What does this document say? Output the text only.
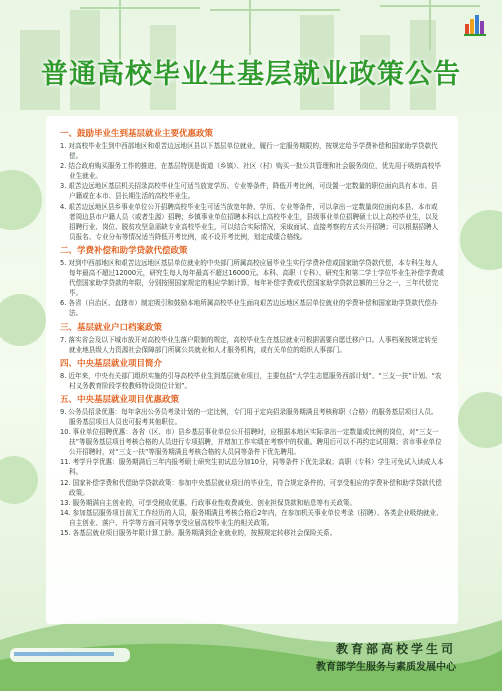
普通高校毕业生基层就业政策公告
一、鼓励毕业生到基层就业主要优惠政策
1. 对高校毕业生到中西部地区和艰苦边远地区县以下基层单位就业、履行一定服务期限的，按规定给予学费补偿和国家助学贷款代偿。
2. 结合政府购买服务工作的推进，在基层特别是街道（乡镇）、社区（村）购买一批公共管理和社会服务岗位，优先用于吸纳高校毕业生就业。
3. 艰苦边远地区基层机关招录高校毕业生可适当放宽学历、专业等条件，降低开考比例，可设置一定数量的职位面向具有本市、县户籍或在本市、县长期生活的高校毕业生。
4. 艰苦边远地区县乡事业单位公开招聘高校毕业生可适当放宽年龄、学历、专业等条件，可以拿出一定数量岗位面向本县、本市或者周边县市户籍人员（或者生源）招聘；乡镇事业单位招聘本科以上高校毕业生，县级事业单位招聘硕士以上高校毕业生，以及招聘行业、岗位、脱贫攻坚急需缺专业高校毕业生，可以结合实际情况，采取面试、直接考察的方式公开招聘；可以根据招聘人员报名、专业分布等情况适当降低开考比例，或不设开考比例，划定成绩合格线。
二、学费补偿和助学贷款代偿政策
5. 对到中西部地区和艰苦边远地区基层单位就业的中央部门所属高校应届毕业生实行学费补偿或国家助学贷款代偿，本专科生每人每年最高不超过12000元，研究生每人每年最高不超过16000元。本科、高职（专科）、研究生和第二学士学位毕业生补偿学费或代偿国家助学贷款的年限，分别按照国家规定的相应学制计算，每年补偿学费或代偿国家助学贷款总额的三分之一，三年代偿完毕。
6. 各省（自治区、直辖市）制定吸引和鼓励本地所属高校毕业生面向艰苦边远地区基层单位就业的学费补偿和国家助学贷款代偿办法。
三、基层就业户口档案政策
7. 落实省会及以下城市放开对高校毕业生落户限制的规定，高校毕业生在基层就业可根据需要自愿迁移户口。人事档案按规定转至就业地县级人力资源社会保障部门所属公共就业和人才服务机构，或有关单位的组织人事部门。
四、中央基层就业项目简介
8. 近年来，中央有关部门组织实施的引导高校毕业生到基层就业项目，主要包括“大学生志愿服务西部计划”、“三支一扶”计划、“农村义务教育阶段学校教师特设岗位计划”。
五、中央基层就业项目优惠政策
9. 公务员招录优惠：每年拿出公务员考录计划的一定比例，专门用于定向招录服务期满且考核称职（合格）的服务基层项目人员。服务基层项目人员也可报考其他职位。
10. 事业单位招聘优惠：各省（区、市）县乡基层事业单位公开招聘时，应根据本地区实际拿出一定数量或比例的岗位，对“三支一扶”等服务基层项目考核合格的人员进行专项招聘，并增加工作实绩在考察中的权重。聘用后可以不再约定试用期；省市事业单位公开招聘时，对“三支一扶”等服务期满且考核合格的人员同等条件下优先聘用。
11. 考学升学优惠：服务期满后三年内报考硕士研究生初试总分加10分，同等条件下优先录取；高职（专科）学生可免试入读成人本科。
12. 国家补偿学费和代偿助学贷款政策：参加中央基层就业项目的毕业生，符合规定条件的，可享受相应的学费补偿和助学贷款代偿政策。
13. 服务期满自主创业的，可享受税收优惠、行政事业性收费减免、创业担保贷款和贴息等有关政策。
14. 参加基层服务项目前无工作经历的人员，服务期满且考核合格后2年内，在参加机关事业单位考录（招聘）、各类企业吸纳就业、自主创业、落户、升学等方面可同等享受应届高校毕业生的相关政策。
15. 各基层就业项目服务年限计算工龄。服务期满到企业就业的，按照规定转移社会保险关系。
教育部高校学生司
教育部学生服务与素质发展中心
